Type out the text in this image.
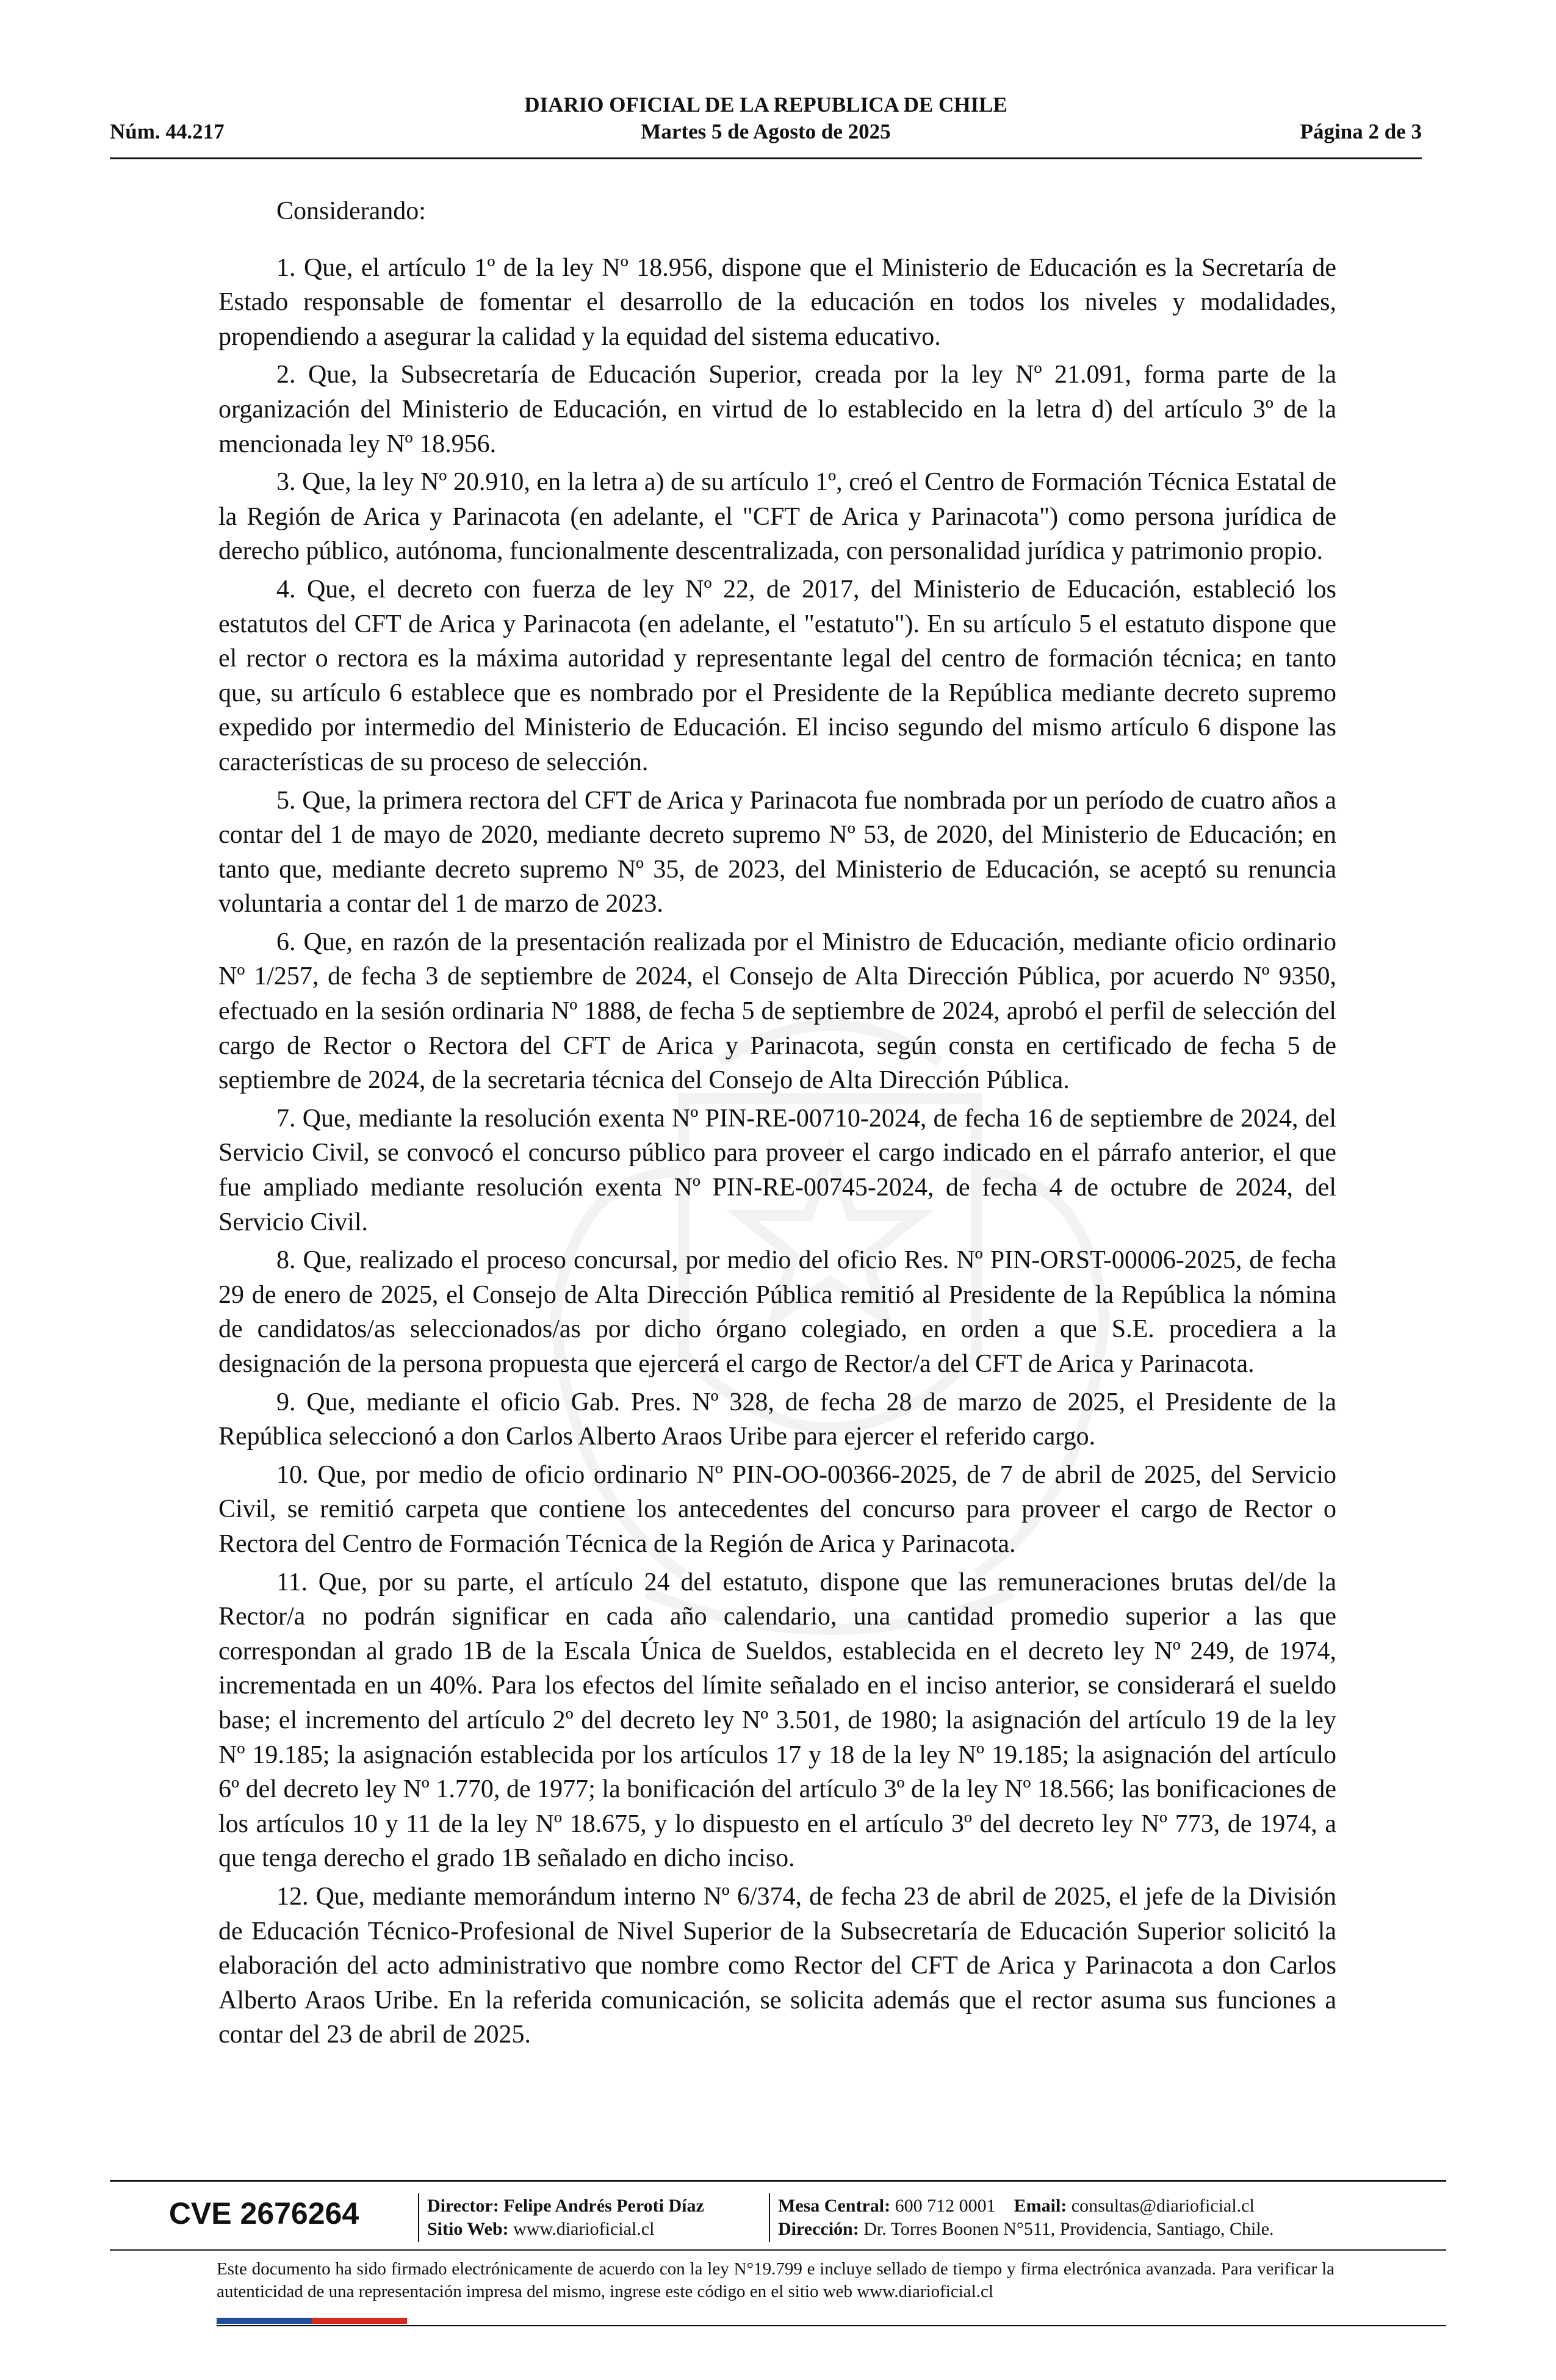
DIARIO OFICIAL DE LA REPUBLICA DE CHILE
Martes 5 de Agosto de 2025
Núm. 44.217	Página 2 de 3
Considerando:

1. Que, el artículo 1º de la ley Nº 18.956, dispone que el Ministerio de Educación es la Secretaría de Estado responsable de fomentar el desarrollo de la educación en todos los niveles y modalidades, propendiendo a asegurar la calidad y la equidad del sistema educativo.

2. Que, la Subsecretaría de Educación Superior, creada por la ley Nº 21.091, forma parte de la organización del Ministerio de Educación, en virtud de lo establecido en la letra d) del artículo 3º de la mencionada ley Nº 18.956.

3. Que, la ley Nº 20.910, en la letra a) de su artículo 1º, creó el Centro de Formación Técnica Estatal de la Región de Arica y Parinacota (en adelante, el "CFT de Arica y Parinacota") como persona jurídica de derecho público, autónoma, funcionalmente descentralizada, con personalidad jurídica y patrimonio propio.

4. Que, el decreto con fuerza de ley Nº 22, de 2017, del Ministerio de Educación, estableció los estatutos del CFT de Arica y Parinacota (en adelante, el "estatuto"). En su artículo 5 el estatuto dispone que el rector o rectora es la máxima autoridad y representante legal del centro de formación técnica; en tanto que, su artículo 6 establece que es nombrado por el Presidente de la República mediante decreto supremo expedido por intermedio del Ministerio de Educación. El inciso segundo del mismo artículo 6 dispone las características de su proceso de selección.

5. Que, la primera rectora del CFT de Arica y Parinacota fue nombrada por un período de cuatro años a contar del 1 de mayo de 2020, mediante decreto supremo Nº 53, de 2020, del Ministerio de Educación; en tanto que, mediante decreto supremo Nº 35, de 2023, del Ministerio de Educación, se aceptó su renuncia voluntaria a contar del 1 de marzo de 2023.

6. Que, en razón de la presentación realizada por el Ministro de Educación, mediante oficio ordinario Nº 1/257, de fecha 3 de septiembre de 2024, el Consejo de Alta Dirección Pública, por acuerdo Nº 9350, efectuado en la sesión ordinaria Nº 1888, de fecha 5 de septiembre de 2024, aprobó el perfil de selección del cargo de Rector o Rectora del CFT de Arica y Parinacota, según consta en certificado de fecha 5 de septiembre de 2024, de la secretaria técnica del Consejo de Alta Dirección Pública.

7. Que, mediante la resolución exenta Nº PIN-RE-00710-2024, de fecha 16 de septiembre de 2024, del Servicio Civil, se convocó el concurso público para proveer el cargo indicado en el párrafo anterior, el que fue ampliado mediante resolución exenta Nº PIN-RE-00745-2024, de fecha 4 de octubre de 2024, del Servicio Civil.

8. Que, realizado el proceso concursal, por medio del oficio Res. Nº PIN-ORST-00006-2025, de fecha 29 de enero de 2025, el Consejo de Alta Dirección Pública remitió al Presidente de la República la nómina de candidatos/as seleccionados/as por dicho órgano colegiado, en orden a que S.E. procediera a la designación de la persona propuesta que ejercerá el cargo de Rector/a del CFT de Arica y Parinacota.

9. Que, mediante el oficio Gab. Pres. Nº 328, de fecha 28 de marzo de 2025, el Presidente de la República seleccionó a don Carlos Alberto Araos Uribe para ejercer el referido cargo.

10. Que, por medio de oficio ordinario Nº PIN-OO-00366-2025, de 7 de abril de 2025, del Servicio Civil, se remitió carpeta que contiene los antecedentes del concurso para proveer el cargo de Rector o Rectora del Centro de Formación Técnica de la Región de Arica y Parinacota.

11. Que, por su parte, el artículo 24 del estatuto, dispone que las remuneraciones brutas del/de la Rector/a no podrán significar en cada año calendario, una cantidad promedio superior a las que correspondan al grado 1B de la Escala Única de Sueldos, establecida en el decreto ley Nº 249, de 1974, incrementada en un 40%. Para los efectos del límite señalado en el inciso anterior, se considerará el sueldo base; el incremento del artículo 2º del decreto ley Nº 3.501, de 1980; la asignación del artículo 19 de la ley Nº 19.185; la asignación establecida por los artículos 17 y 18 de la ley Nº 19.185; la asignación del artículo 6º del decreto ley Nº 1.770, de 1977; la bonificación del artículo 3º de la ley Nº 18.566; las bonificaciones de los artículos 10 y 11 de la ley Nº 18.675, y lo dispuesto en el artículo 3º del decreto ley Nº 773, de 1974, a que tenga derecho el grado 1B señalado en dicho inciso.

12. Que, mediante memorándum interno Nº 6/374, de fecha 23 de abril de 2025, el jefe de la División de Educación Técnico-Profesional de Nivel Superior de la Subsecretaría de Educación Superior solicitó la elaboración del acto administrativo que nombre como Rector del CFT de Arica y Parinacota a don Carlos Alberto Araos Uribe. En la referida comunicación, se solicita además que el rector asuma sus funciones a contar del 23 de abril de 2025.

CVE 2676264	Director: Felipe Andrés Peroti Díaz
Sitio Web: www.diarioficial.cl
Mesa Central: 600 712 0001 Email: consultas@diarioficial.cl
Dirección: Dr. Torres Boonen N°511, Providencia, Santiago, Chile.
Este documento ha sido firmado electrónicamente de acuerdo con la ley N°19.799 e incluye sellado de tiempo y firma electrónica avanzada. Para verificar la autenticidad de una representación impresa del mismo, ingrese este código en el sitio web www.diarioficial.cl
